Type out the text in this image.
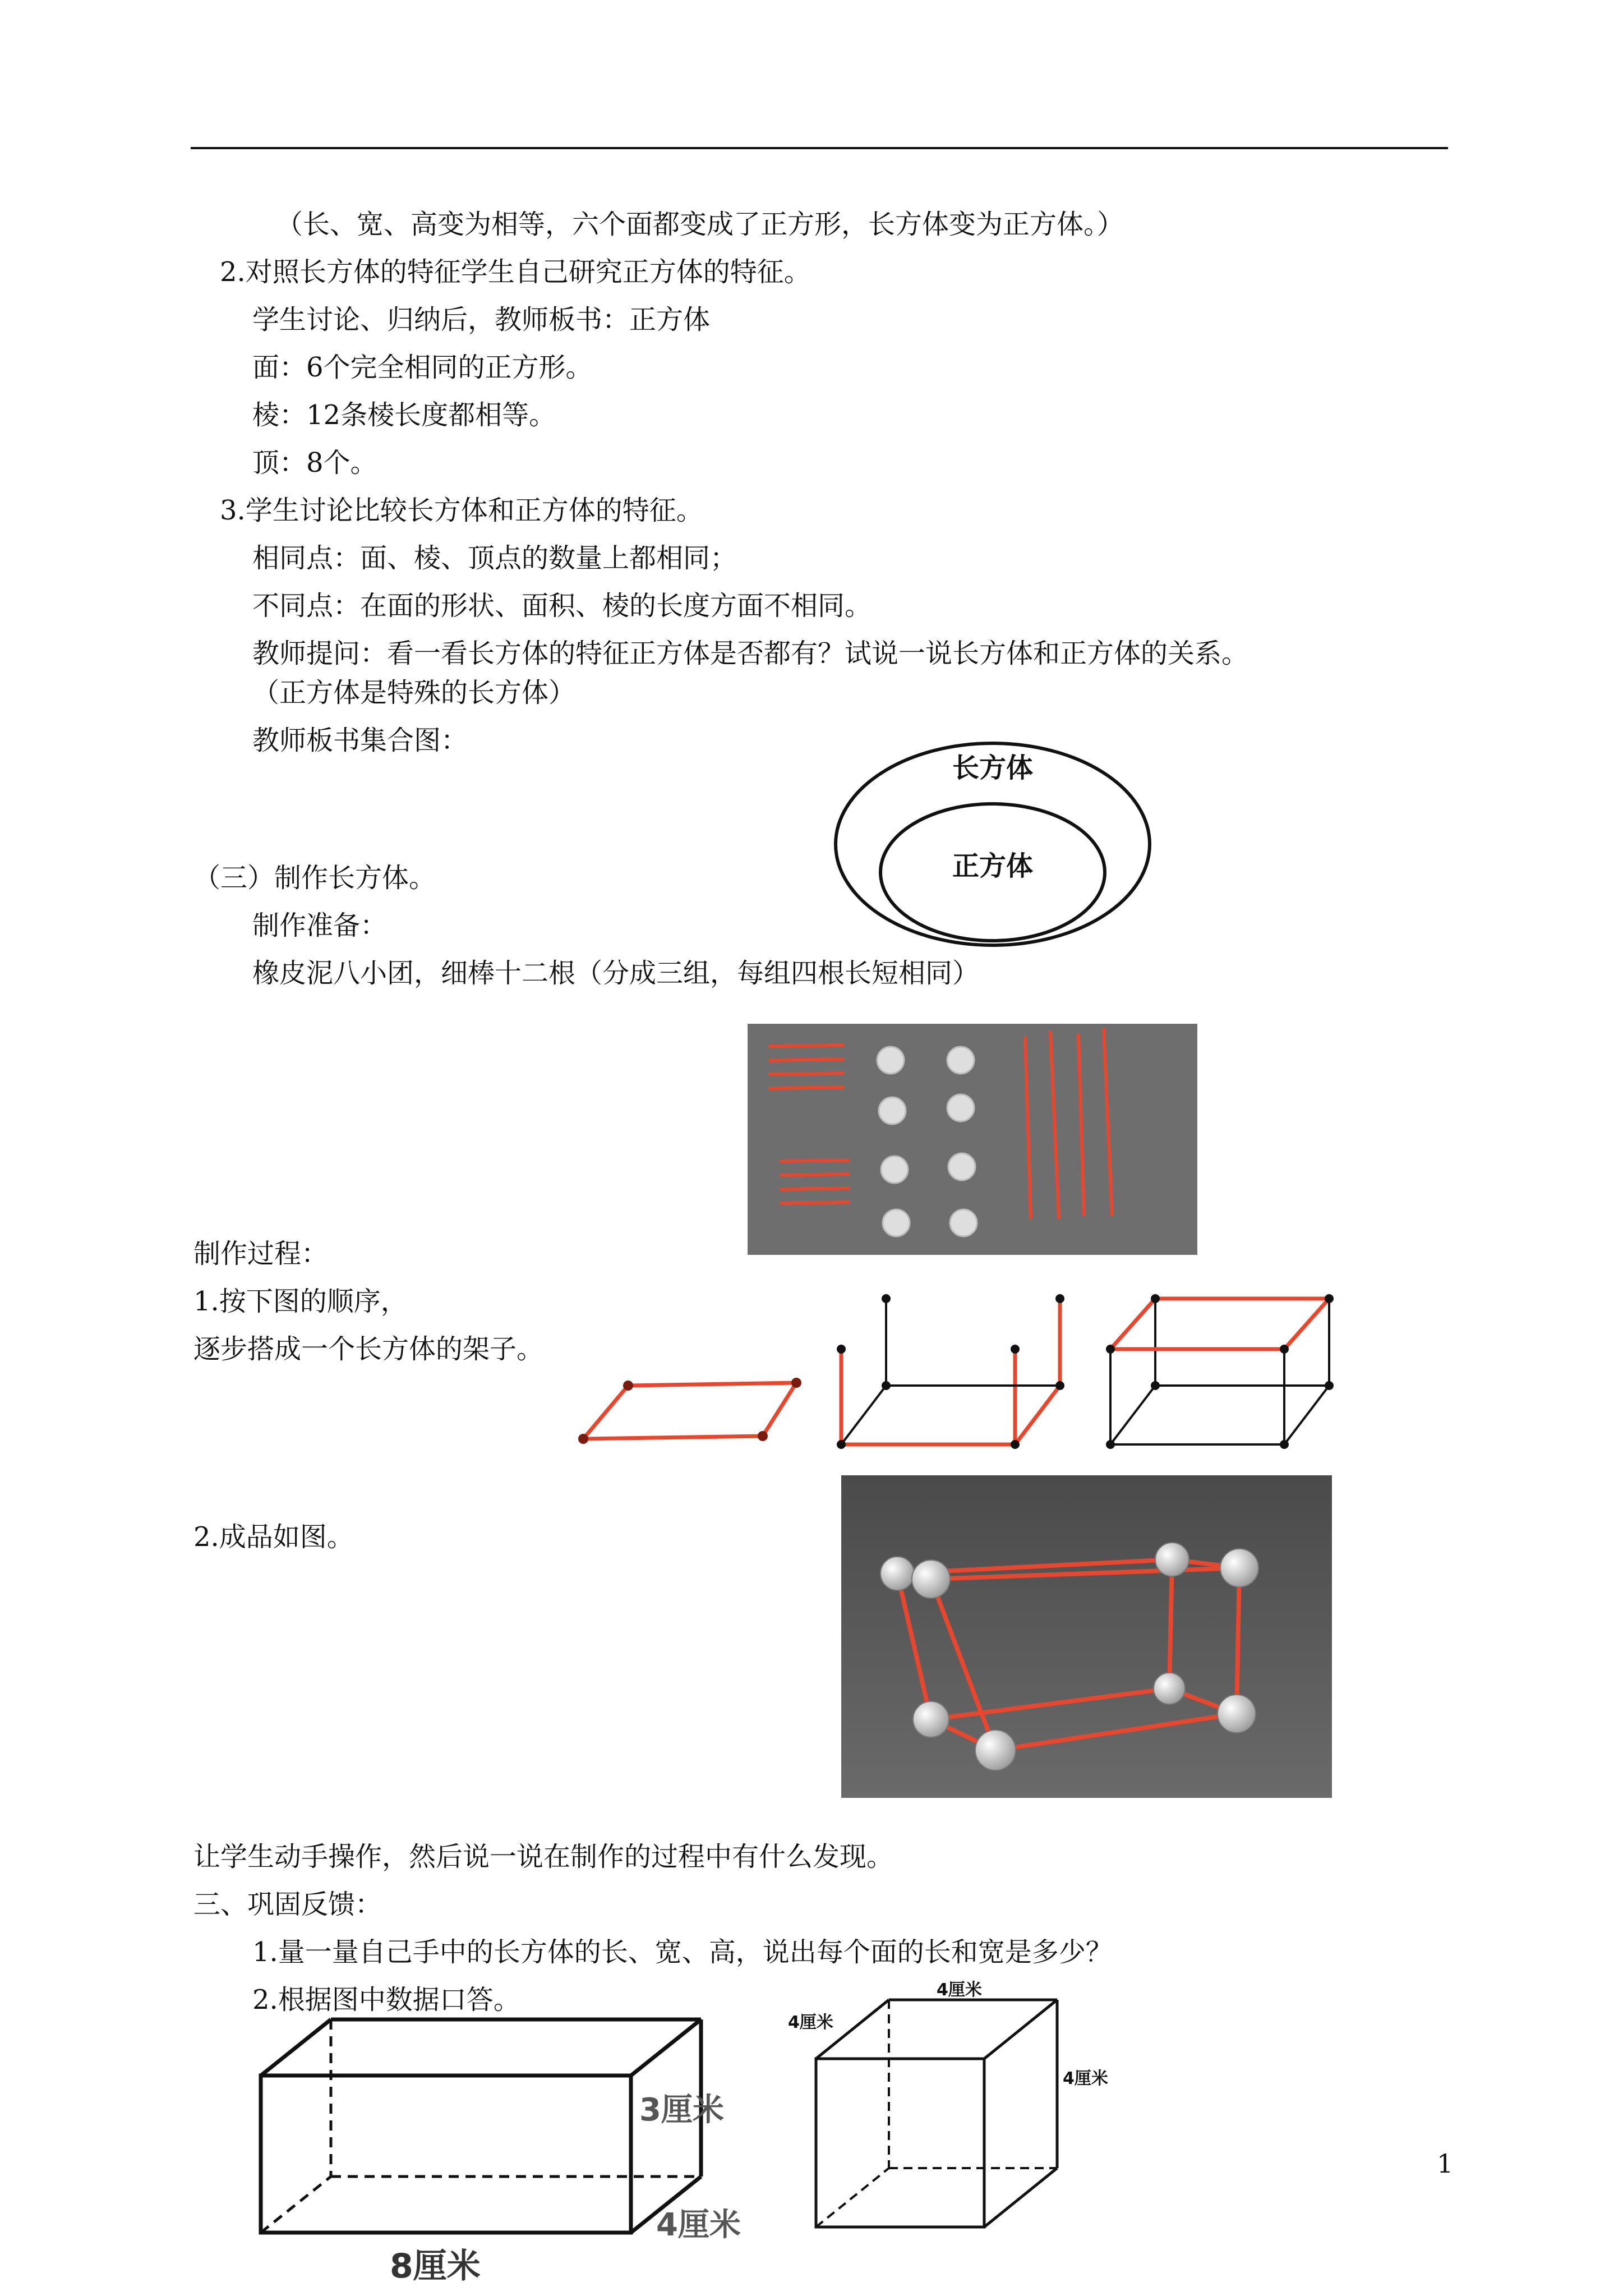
（长、宽、高变为相等，六个面都变成了正方形，长方体变为正方体。）
2.对照长方体的特征学生自己研究正方体的特征。
学生讨论、归纳后，教师板书：正方体
面：6个完全相同的正方形。
棱：12条棱长度都相等。
顶：8个。
3.学生讨论比较长方体和正方体的特征。
相同点：面、棱、顶点的数量上都相同；
不同点：在面的形状、面积、棱的长度方面不相同。
教师提问：看一看长方体的特征正方体是否都有？试说一说长方体和正方体的关系。
（正方体是特殊的长方体）
教师板书集合图：
（三）制作长方体。
制作准备：
橡皮泥八小团，细棒十二根（分成三组，每组四根长短相同）
制作过程：
1.按下图的顺序，
逐步搭成一个长方体的架子。
2.成品如图。
让学生动手操作，然后说一说在制作的过程中有什么发现。
三、巩固反馈：
1.量一量自己手中的长方体的长、宽、高，说出每个面的长和宽是多少？
2.根据图中数据口答。
长方体
正方体
3厘米
4厘米
8厘米
4厘米
4厘米
4厘米
1
